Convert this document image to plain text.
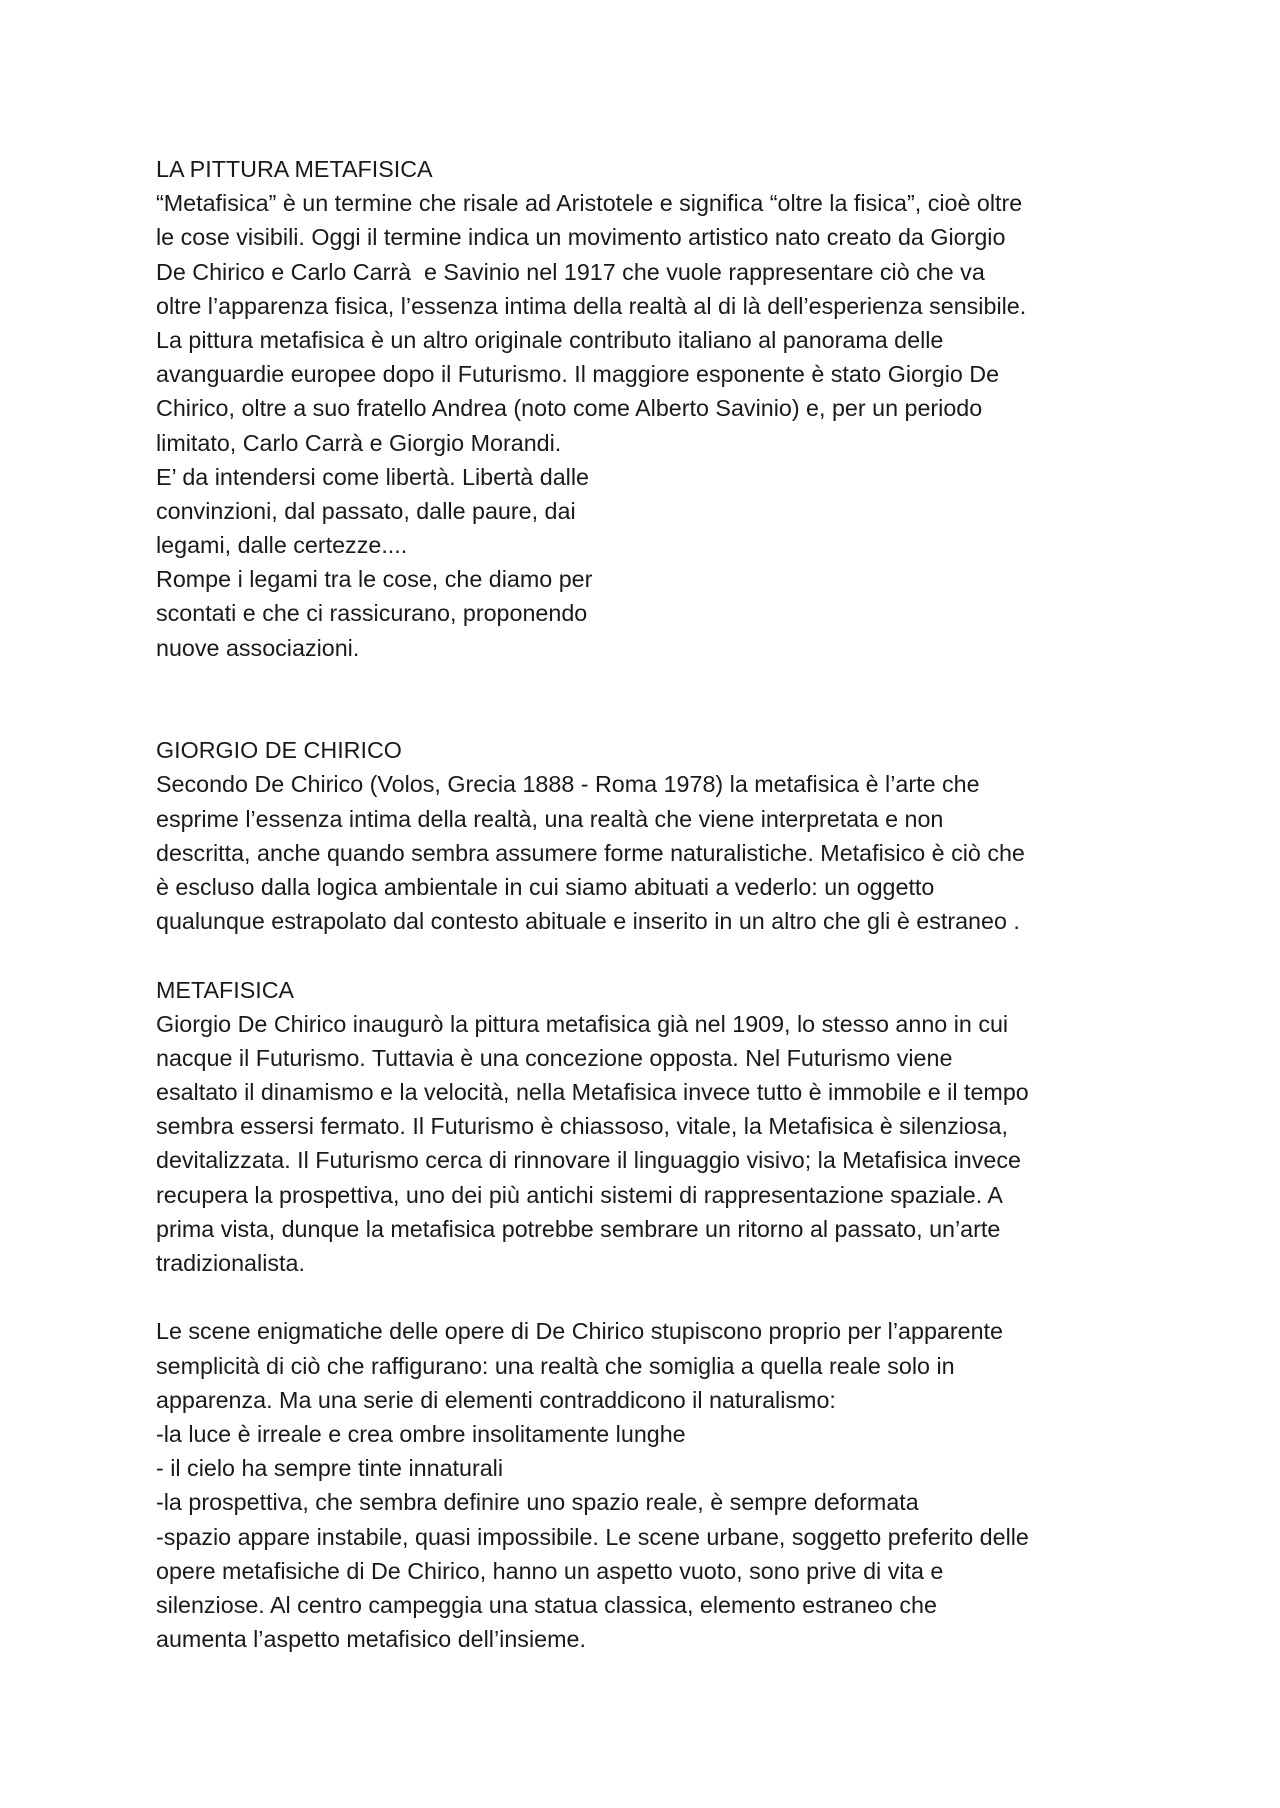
LA PITTURA METAFISICA
“Metafisica” è un termine che risale ad Aristotele e significa “oltre la fisica”, cioè oltre
le cose visibili. Oggi il termine indica un movimento artistico nato creato da Giorgio
De Chirico e Carlo Carrà  e Savinio nel 1917 che vuole rappresentare ciò che va
oltre l’apparenza fisica, l’essenza intima della realtà al di là dell’esperienza sensibile.
La pittura metafisica è un altro originale contributo italiano al panorama delle
avanguardie europee dopo il Futurismo. Il maggiore esponente è stato Giorgio De
Chirico, oltre a suo fratello Andrea (noto come Alberto Savinio) e, per un periodo
limitato, Carlo Carrà e Giorgio Morandi.
E’ da intendersi come libertà. Libertà dalle
convinzioni, dal passato, dalle paure, dai
legami, dalle certezze....
Rompe i legami tra le cose, che diamo per
scontati e che ci rassicurano, proponendo
nuove associazioni.
GIORGIO DE CHIRICO
Secondo De Chirico (Volos, Grecia 1888 - Roma 1978) la metafisica è l’arte che
esprime l’essenza intima della realtà, una realtà che viene interpretata e non
descritta, anche quando sembra assumere forme naturalistiche. Metafisico è ciò che
è escluso dalla logica ambientale in cui siamo abituati a vederlo: un oggetto
qualunque estrapolato dal contesto abituale e inserito in un altro che gli è estraneo .
METAFISICA
Giorgio De Chirico inaugurò la pittura metafisica già nel 1909, lo stesso anno in cui
nacque il Futurismo. Tuttavia è una concezione opposta. Nel Futurismo viene
esaltato il dinamismo e la velocità, nella Metafisica invece tutto è immobile e il tempo
sembra essersi fermato. Il Futurismo è chiassoso, vitale, la Metafisica è silenziosa,
devitalizzata. Il Futurismo cerca di rinnovare il linguaggio visivo; la Metafisica invece
recupera la prospettiva, uno dei più antichi sistemi di rappresentazione spaziale. A
prima vista, dunque la metafisica potrebbe sembrare un ritorno al passato, un’arte
tradizionalista.
Le scene enigmatiche delle opere di De Chirico stupiscono proprio per l’apparente
semplicità di ciò che raffigurano: una realtà che somiglia a quella reale solo in
apparenza. Ma una serie di elementi contraddicono il naturalismo:
-la luce è irreale e crea ombre insolitamente lunghe
- il cielo ha sempre tinte innaturali
-la prospettiva, che sembra definire uno spazio reale, è sempre deformata
-spazio appare instabile, quasi impossibile. Le scene urbane, soggetto preferito delle
opere metafisiche di De Chirico, hanno un aspetto vuoto, sono prive di vita e
silenziose. Al centro campeggia una statua classica, elemento estraneo che
aumenta l’aspetto metafisico dell’insieme.
